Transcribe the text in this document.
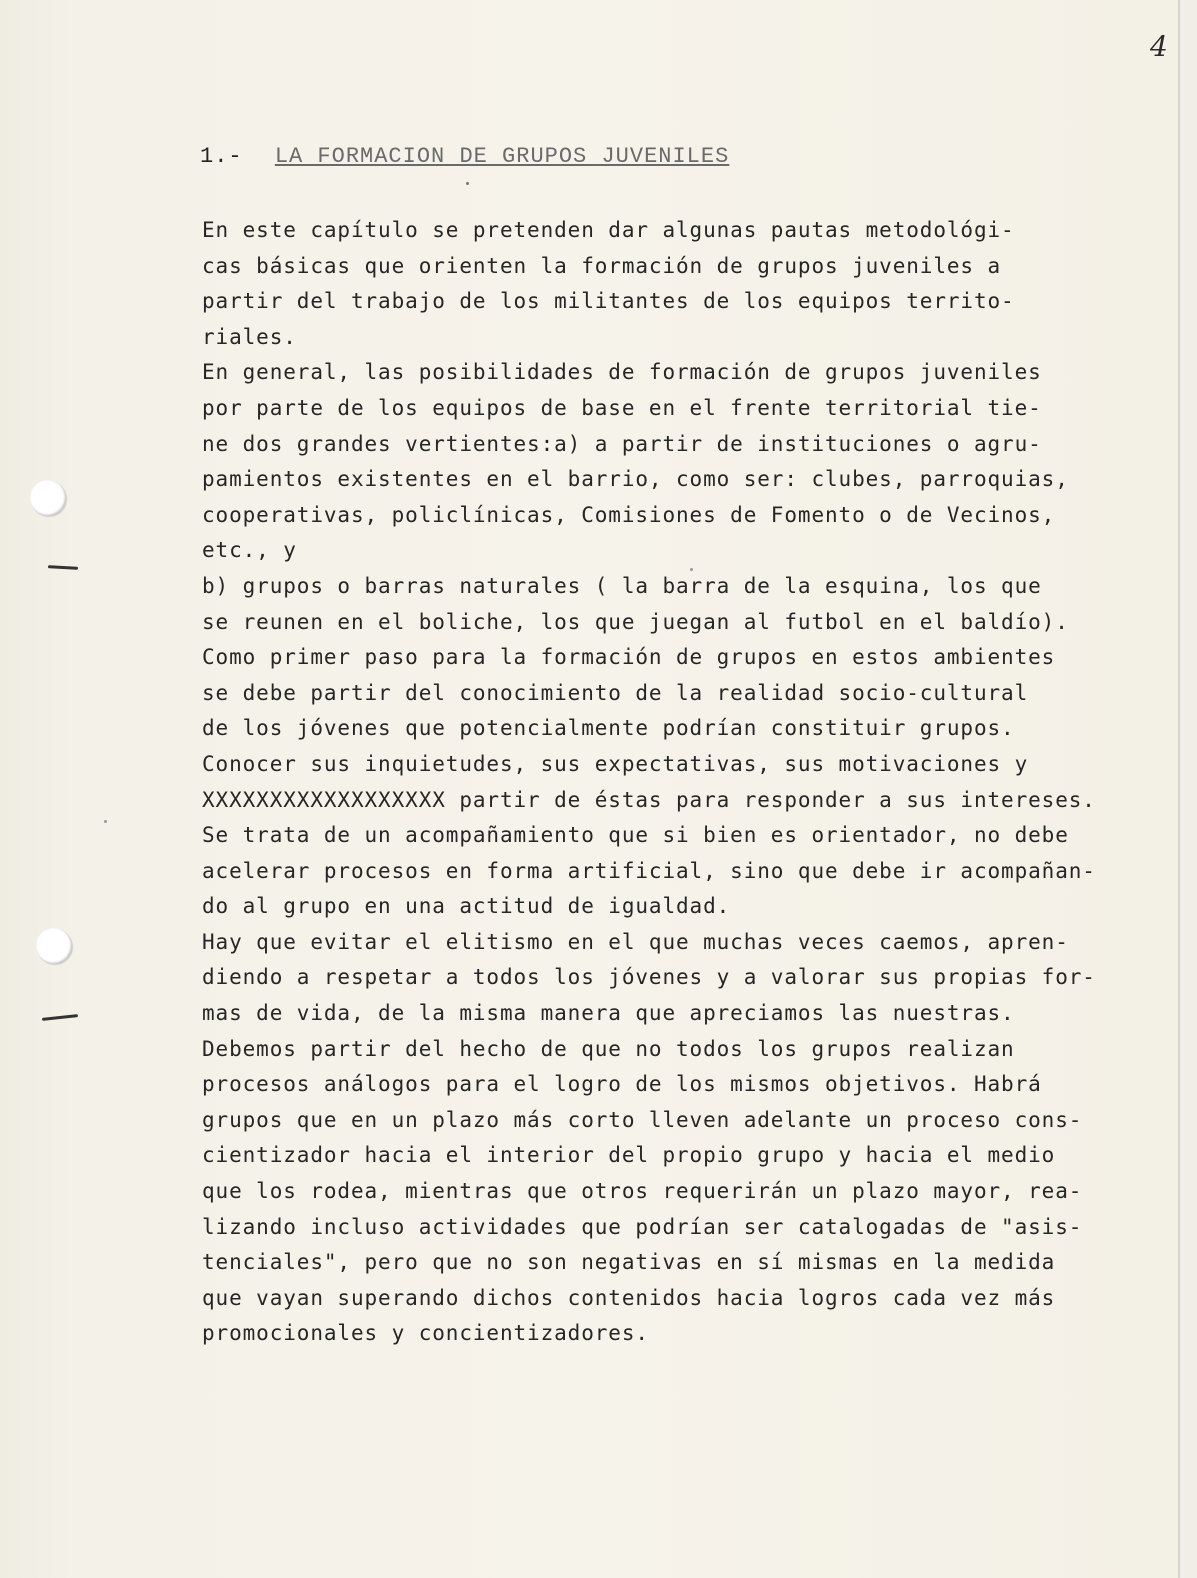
4
1.- LA FORMACION DE GRUPOS JUVENILES
En este capítulo se pretenden dar algunas pautas metodológi-
cas básicas que orienten la formación de grupos juveniles a
partir del trabajo de los militantes de los equipos territo-
riales.
En general, las posibilidades de formación de grupos juveniles
por parte de los equipos de base en el frente territorial tie-
ne dos grandes vertientes:a) a partir de instituciones o agru-
pamientos existentes en el barrio, como ser: clubes, parroquias,
cooperativas, policlínicas, Comisiones de Fomento o de Vecinos,
etc., y
b) grupos o barras naturales ( la barra de la esquina, los que
se reunen en el boliche, los que juegan al futbol en el baldío).
Como primer paso para la formación de grupos en estos ambientes
se debe partir del conocimiento de la realidad socio-cultural
de los jóvenes que potencialmente podrían constituir grupos.
Conocer sus inquietudes, sus expectativas, sus motivaciones y
XXXXXXXXXXXXXXXXXX partir de éstas para responder a sus intereses.
Se trata de un acompañamiento que si bien es orientador, no debe
acelerar procesos en forma artificial, sino que debe ir acompañan-
do al grupo en una actitud de igualdad.
Hay que evitar el elitismo en el que muchas veces caemos, apren-
diendo a respetar a todos los jóvenes y a valorar sus propias for-
mas de vida, de la misma manera que apreciamos las nuestras.
Debemos partir del hecho de que no todos los grupos realizan
procesos análogos para el logro de los mismos objetivos. Habrá
grupos que en un plazo más corto lleven adelante un proceso cons-
cientizador hacia el interior del propio grupo y hacia el medio
que los rodea, mientras que otros requerirán un plazo mayor, rea-
lizando incluso actividades que podrían ser catalogadas de "asis-
tenciales", pero que no son negativas en sí mismas en la medida
que vayan superando dichos contenidos hacia logros cada vez más
promocionales y concientizadores.
